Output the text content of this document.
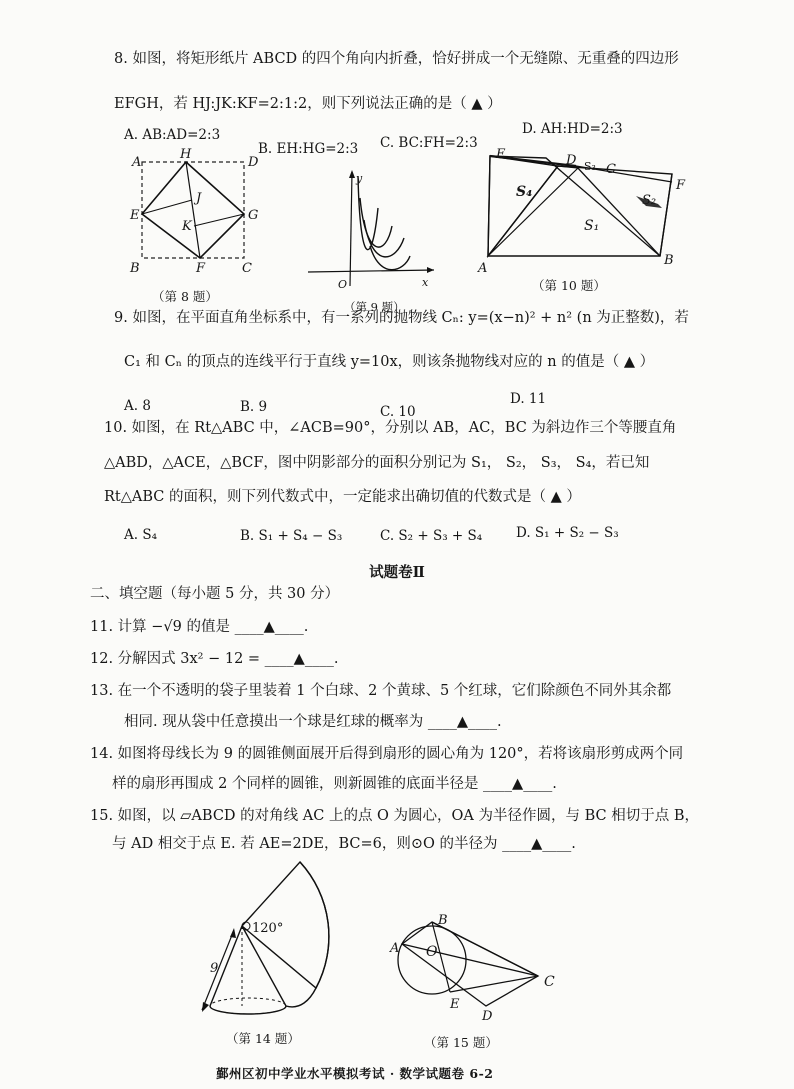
8. 如图，将矩形纸片 ABCD 的四个角向内折叠，恰好拼成一个无缝隙、无重叠的四边形
EFGH，若 HJ:JK:KF=2:1:2，则下列说法正确的是（ ▲ ）
A. AB:AD=2:3
B. EH:HG=2:3 C. BC:FH=2:3
D. AH:HD=2:3
A
H
D
J
E	G
K
B	F	C
（第 8 题）
y
x
O
（第 9 题）
E	D S₃ C
S₄	F
S₂
S₁
A
B
（第 10 题）
9. 如图，在平面直角坐标系中，有一系列的抛物线 Cₙ: y=(x−n)² + n² (n 为正整数)，若
C₁ 和 Cₙ 的顶点的连线平行于直线 y=10x，则该条抛物线对应的 n 的值是（ ▲ ）
A. 8	B. 9	C. 10
D. 11
10. 如图，在 Rt△ABC 中，∠ACB=90°，分别以 AB，AC，BC 为斜边作三个等腰直角
△ABD，△ACE，△BCF，图中阴影部分的面积分别记为 S₁， S₂， S₃， S₄，若已知
Rt△ABC 的面积，则下列代数式中，一定能求出确切值的代数式是（ ▲ ）
A. S₄	B. S₁ + S₄ − S₃	C. S₂ + S₃ + S₄	D. S₁ + S₂ − S₃
试题卷Ⅱ
二、填空题（每小题 5 分，共 30 分）
11. 计算 −√9 的值是 ____▲____.
12. 分解因式 3x² − 12 = ____▲____.
13. 在一个不透明的袋子里装着 1 个白球、2 个黄球、5 个红球，它们除颜色不同外其余都
相同. 现从袋中任意摸出一个球是红球的概率为 ____▲____.
14. 如图将母线长为 9 的圆锥侧面展开后得到扇形的圆心角为 120°，若将该扇形剪成两个同
样的扇形再围成 2 个同样的圆锥，则新圆锥的底面半径是 ____▲____.
15. 如图，以 ▱ABCD 的对角线 AC 上的点 O 为圆心，OA 为半径作圆，与 BC 相切于点 B，
与 AD 相交于点 E. 若 AE=2DE，BC=6，则⊙O 的半径为 ____▲____.
120°
9
（第 14 题）
B
A O
C
E
D
（第 15 题）
鄞州区初中学业水平模拟考试 · 数学试题卷 6-2
